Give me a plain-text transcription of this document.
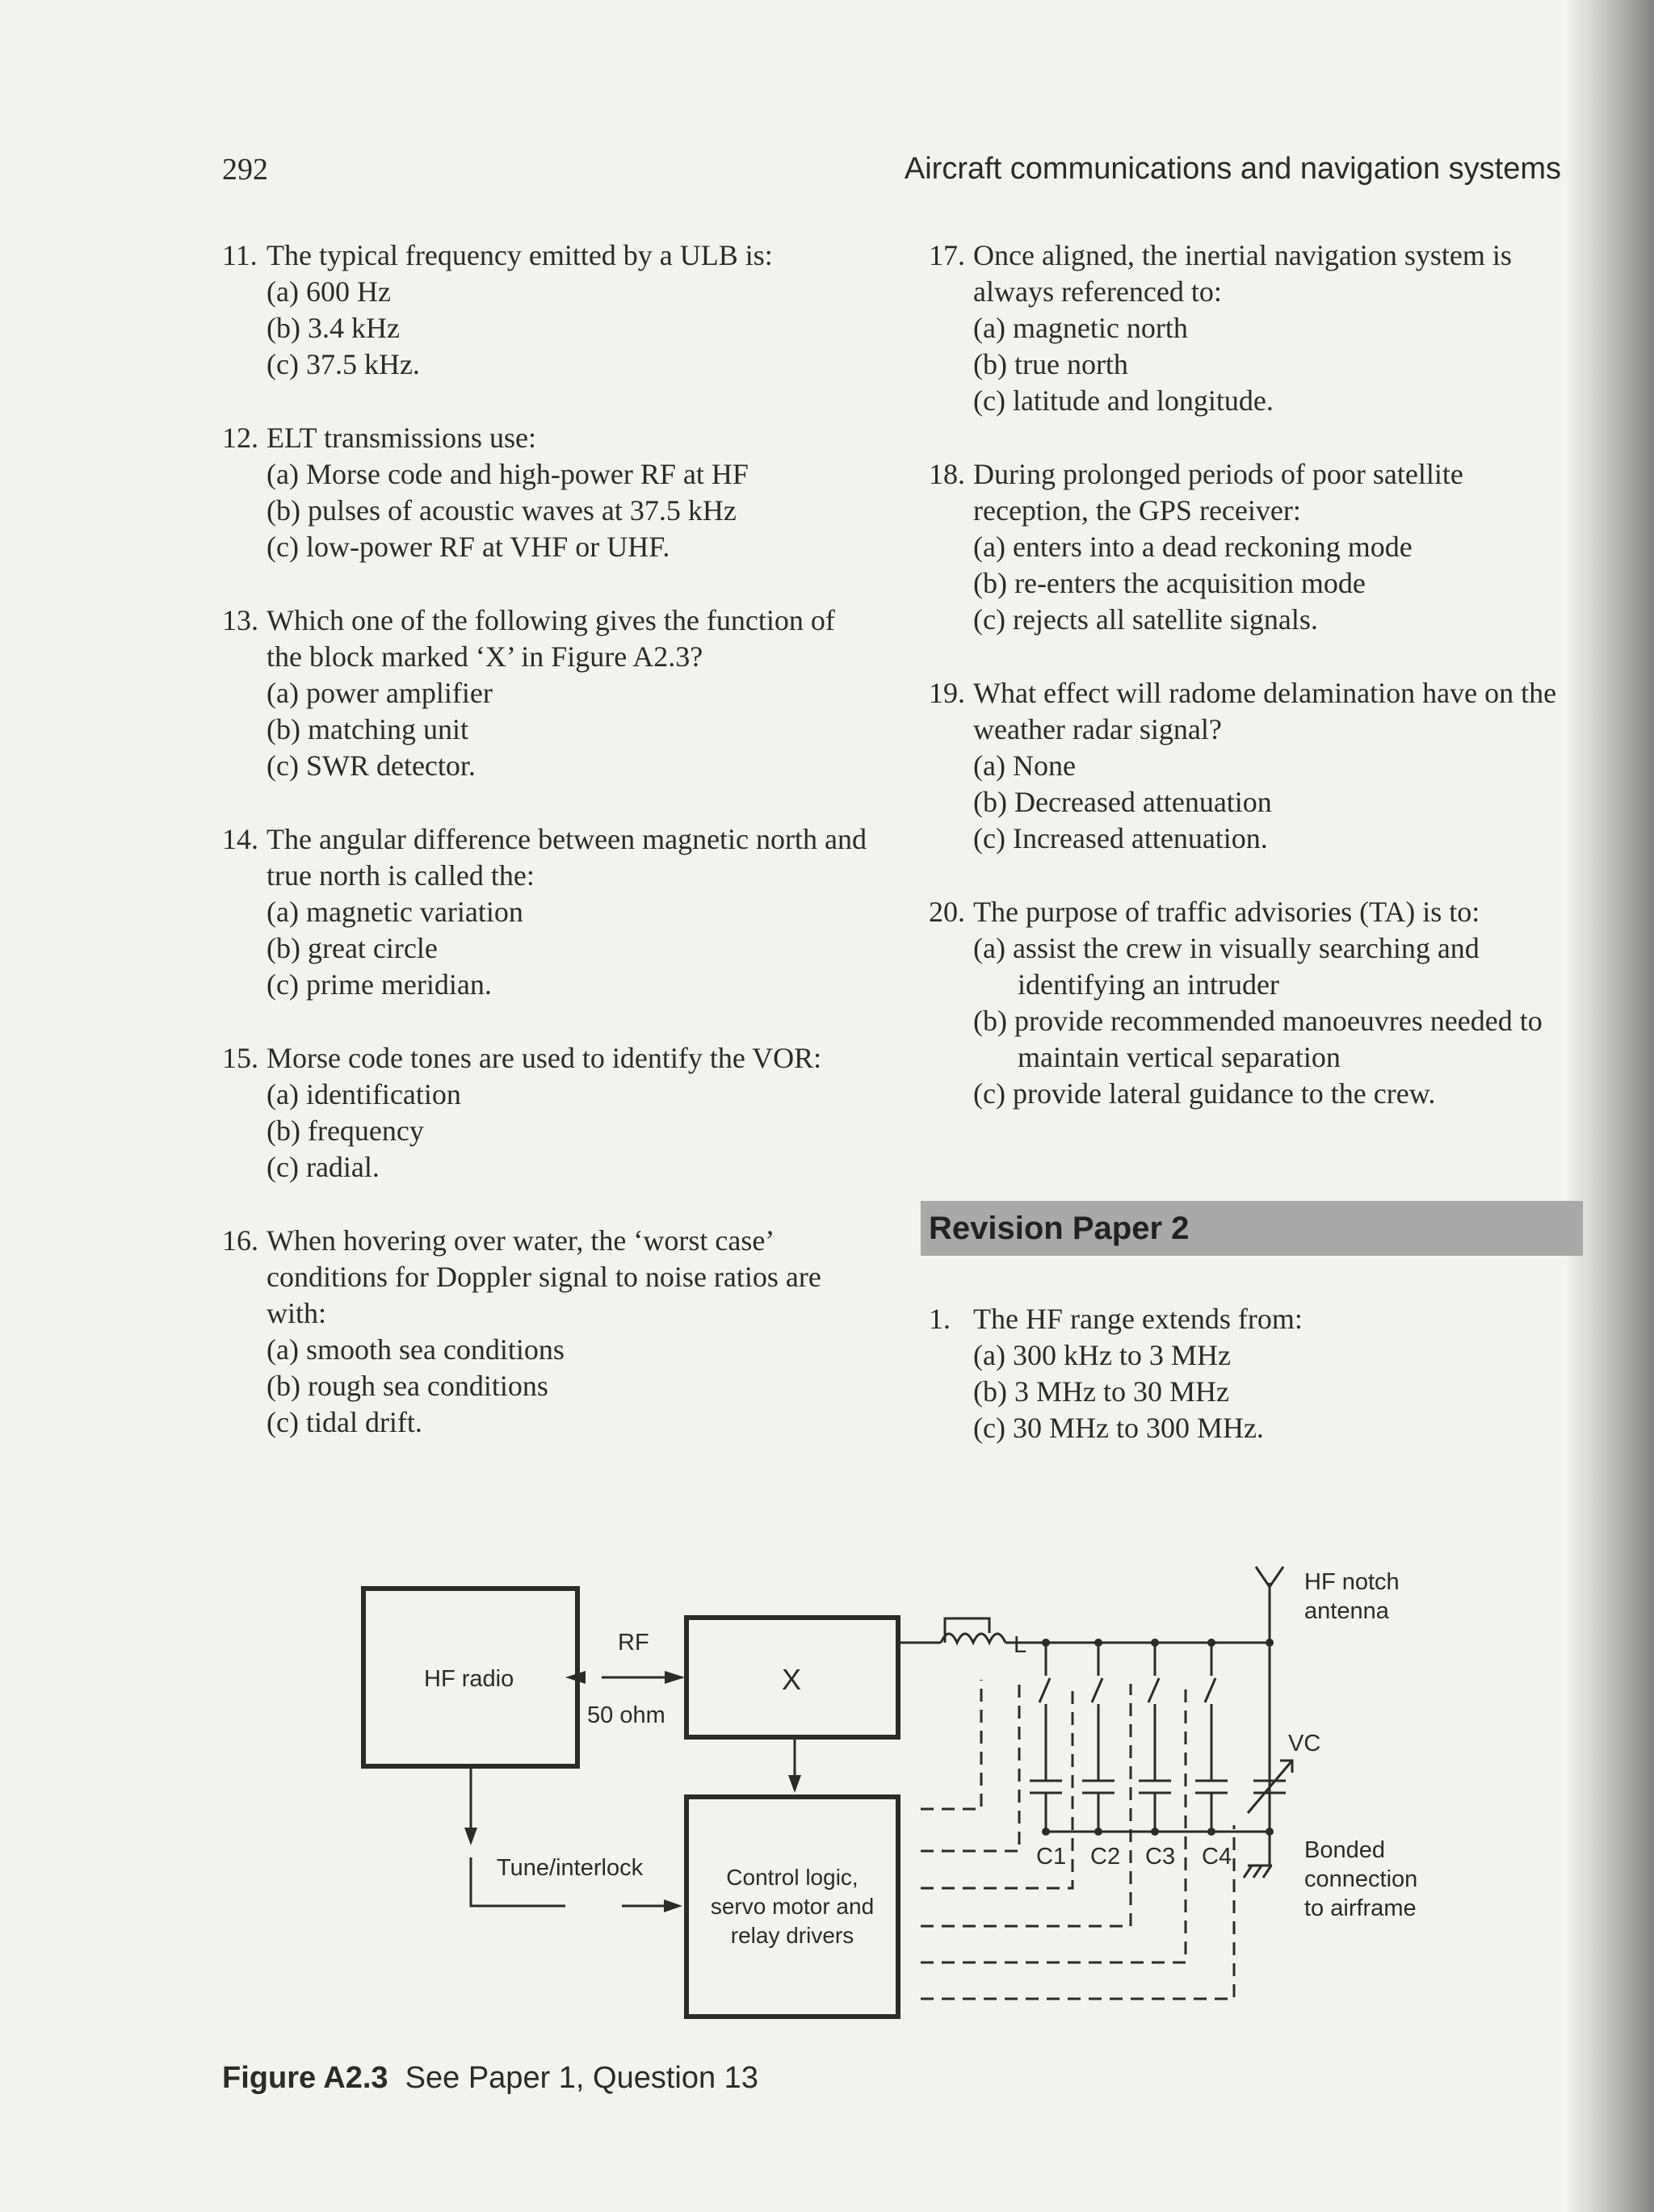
292	Aircraft communications and navigation systems
11. The typical frequency emitted by a ULB is:
(a) 600 Hz
(b) 3.4 kHz
(c) 37.5 kHz.
12. ELT transmissions use:
(a) Morse code and high-power RF at HF
(b) pulses of acoustic waves at 37.5 kHz
(c) low-power RF at VHF or UHF.
13. Which one of the following gives the function of the block marked ‘X’ in Figure A2.3?
(a) power amplifier
(b) matching unit
(c) SWR detector.
14. The angular difference between magnetic north and true north is called the:
(a) magnetic variation
(b) great circle
(c) prime meridian.
15. Morse code tones are used to identify the VOR:
(a) identification
(b) frequency
(c) radial.
16. When hovering over water, the ‘worst case’ conditions for Doppler signal to noise ratios are with:
(a) smooth sea conditions
(b) rough sea conditions
(c) tidal drift.
17. Once aligned, the inertial navigation system is always referenced to:
(a) magnetic north
(b) true north
(c) latitude and longitude.
18. During prolonged periods of poor satellite reception, the GPS receiver:
(a) enters into a dead reckoning mode
(b) re-enters the acquisition mode
(c) rejects all satellite signals.
19. What effect will radome delamination have on the weather radar signal?
(a) None
(b) Decreased attenuation
(c) Increased attenuation.
20. The purpose of traffic advisories (TA) is to:
(a) assist the crew in visually searching and identifying an intruder
(b) provide recommended manoeuvres needed to maintain vertical separation
(c) provide lateral guidance to the crew.
Revision Paper 2
1. The HF range extends from:
(a) 300 kHz to 3 MHz
(b) 3 MHz to 30 MHz
(c) 30 MHz to 300 MHz.
HF radio
RF
50 ohm
X
Tune/interlock	Control logic,
servo motor and
relay drivers
L
HF notch
antenna
VC
C1 C2 C3 C4	Bonded
connection
to airframe
Figure A2.3 See Paper 1, Question 13
